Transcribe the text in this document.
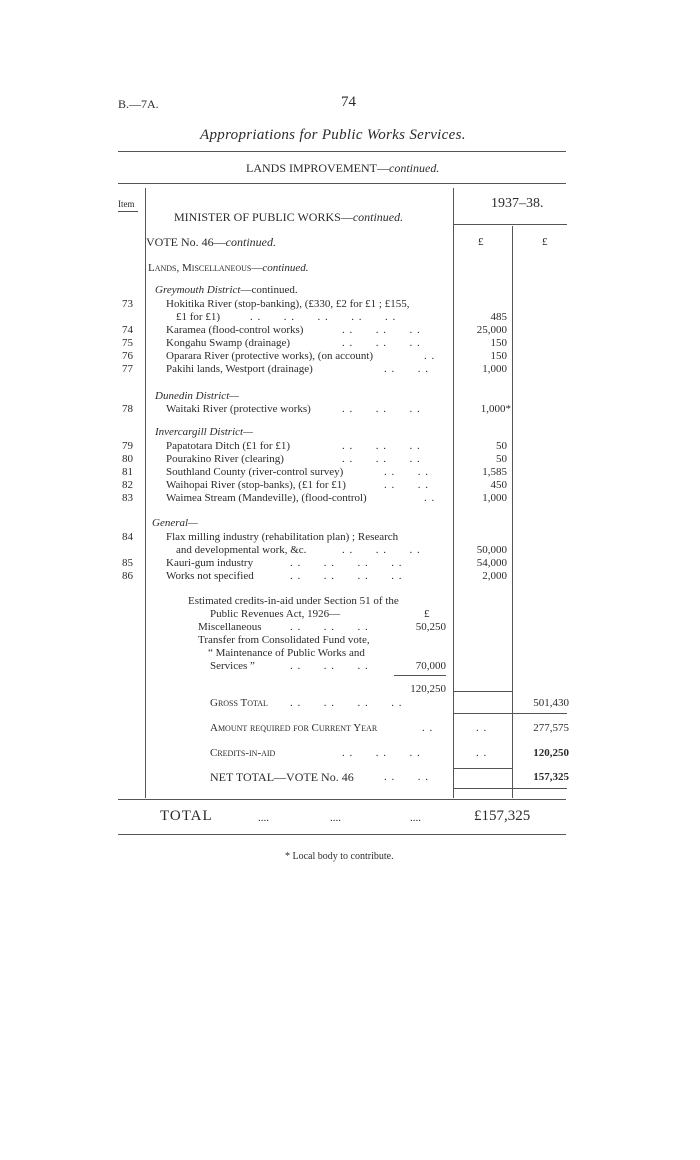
B.—7A.	74
Appropriations for Public Works Services.
LANDS IMPROVEMENT—continued.
Item	1937–38.
£	£
MINISTER OF PUBLIC WORKS—continued.
VOTE No. 46—continued.
Lands, Miscellaneous—continued.
Greymouth District—continued.
73	Hokitika River (stop-banking), (£330, £2 for £1 ; £155,
£1 for £1)	. .      . .      . .      . .      . .	485
74	Karamea (flood-control works)	. .      . .      . .	25,000
75	Kongahu Swamp (drainage)	. .      . .      . .	150
76	Oparara River (protective works), (on account)	. .	150
77	Pakihi lands, Westport (drainage)	. .      . .	1,000
Dunedin District—
78	Waitaki River (protective works)	. .      . .      . .	1,000*
Invercargill District—
79	Papatotara Ditch (£1 for £1)	. .      . .      . .	50
80	Pourakino River (clearing)	. .      . .      . .	50
81	Southland County (river-control survey)	. .      . .	1,585
82	Waihopai River (stop-banks), (£1 for £1)	. .      . .	450
83	Waimea Stream (Mandeville), (flood-control)	. .	1,000
General—
84	Flax milling industry (rehabilitation plan) ; Research
and developmental work, &c.	. .      . .      . .	50,000
85	Kauri-gum industry	. .      . .      . .      . .	54,000
86	Works not specified	. .      . .      . .      . .	2,000
Estimated credits-in-aid under Section 51 of the
Public Revenues Act, 1926—	£
Miscellaneous	. .      . .      . .	50,250
Transfer from Consolidated Fund vote,
“ Maintenance of Public Works and
Services ”	. .      . .      . .	70,000
120,250
Gross Total . .      . .      . .      . .	501,430
Amount required for Current Year	. .	. .	277,575
Credits-in-aid	. .      . .      . .	. .	120,250
NET TOTAL—VOTE No. 46	. .      . .	157,325
TOTAL	....	....	....	£157,325
* Local body to contribute.
